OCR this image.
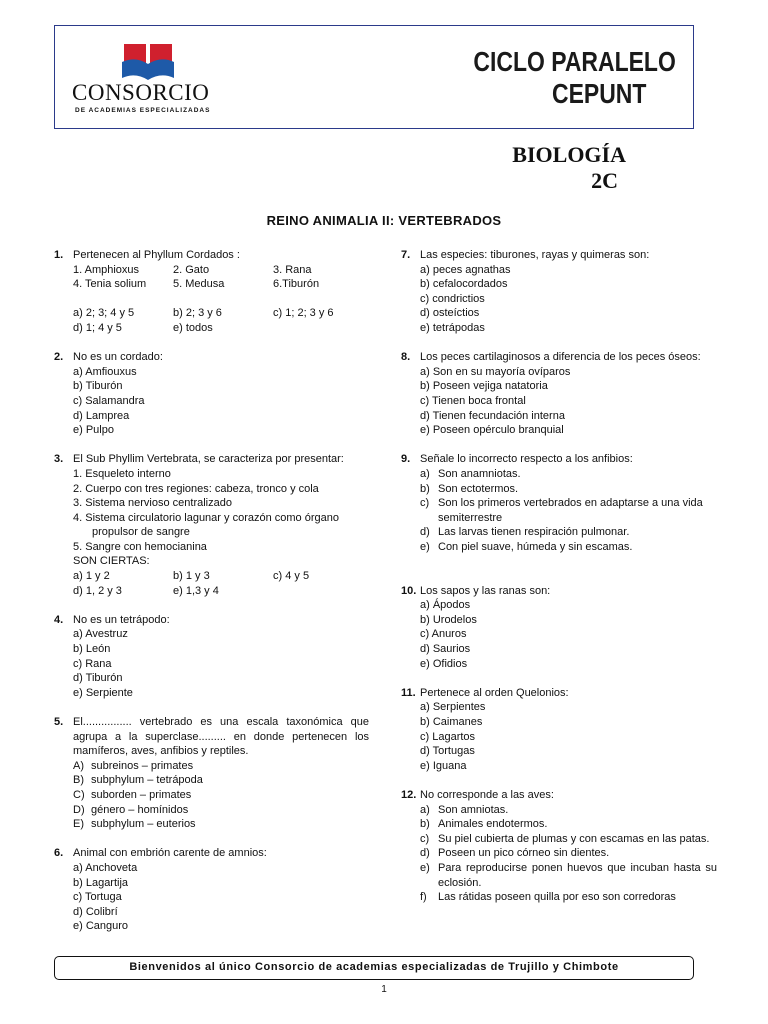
CONSORCIO
DE ACADEMIAS ESPECIALIZADAS
CICLO PARALELO
CEPUNT
BIOLOGÍA
2C
REINO ANIMALIA II: VERTEBRADOS
1. Pertenecen al Phyllum Cordados :
1. Amphioxus	2. Gato	3. Rana
4. Tenia solium	5. Medusa	6.Tiburón
a) 2; 3; 4 y 5	b) 2; 3 y 6	c) 1; 2; 3 y 6
d) 1; 4 y 5	e) todos
2. No es un cordado:
a) Amfiouxus
b) Tiburón
c) Salamandra
d) Lamprea
e) Pulpo
3. El Sub Phyllim Vertebrata, se caracteriza por presentar:
1. Esqueleto interno
2. Cuerpo con tres regiones: cabeza, tronco y cola
3. Sistema nervioso centralizado
4. Sistema circulatorio lagunar y corazón como órgano
propulsor de sangre
5. Sangre con hemocianina
SON CIERTAS:
a) 1 y 2	b) 1 y 3	c) 4 y 5
d) 1, 2 y 3	e) 1,3 y 4
4. No es un tetrápodo:
a) Avestruz
b) León
c) Rana
d) Tiburón
e) Serpiente
5. El................ vertebrado es una escala taxonómica que agrupa a la superclase......... en donde pertenecen los mamíferos, aves, anfibios y reptiles.
A) subreinos – primates
B) subphylum – tetrápoda
C) suborden – primates
D) género – homínidos
E) subphylum – euterios
6. Animal con embrión carente de amnios:
a) Anchoveta
b) Lagartija
c) Tortuga
d) Colibrí
e) Canguro
7. Las especies: tiburones, rayas y quimeras son:
a) peces agnathas
b) cefalocordados
c) condrictios
d) osteíctios
e) tetrápodas
8. Los peces cartilaginosos a diferencia de los peces óseos:
a) Son en su mayoría ovíparos
b) Poseen vejiga natatoria
c) Tienen boca frontal
d) Tienen fecundación interna
e) Poseen opérculo branquial
9. Señale lo incorrecto respecto a los anfibios:
a) Son anamniotas.
b) Son ectotermos.
c) Son los primeros vertebrados en adaptarse a una vida semiterrestre
d) Las larvas tienen respiración pulmonar.
e) Con piel suave, húmeda y sin escamas.
10. Los sapos y las ranas son:
a) Ápodos
b) Urodelos
c) Anuros
d) Saurios
e) Ofidios
11. Pertenece al orden Quelonios:
a) Serpientes
b) Caimanes
c) Lagartos
d) Tortugas
e) Iguana
12. No corresponde a las aves:
a) Son amniotas.
b) Animales endotermos.
c) Su piel cubierta de plumas y con escamas en las patas.
d) Poseen un pico córneo sin dientes.
e) Para reproducirse ponen huevos que incuban hasta su eclosión.
f)	Las rátidas poseen quilla por eso son corredoras
Bienvenidos al único Consorcio de academias especializadas de Trujillo y Chimbote
1
